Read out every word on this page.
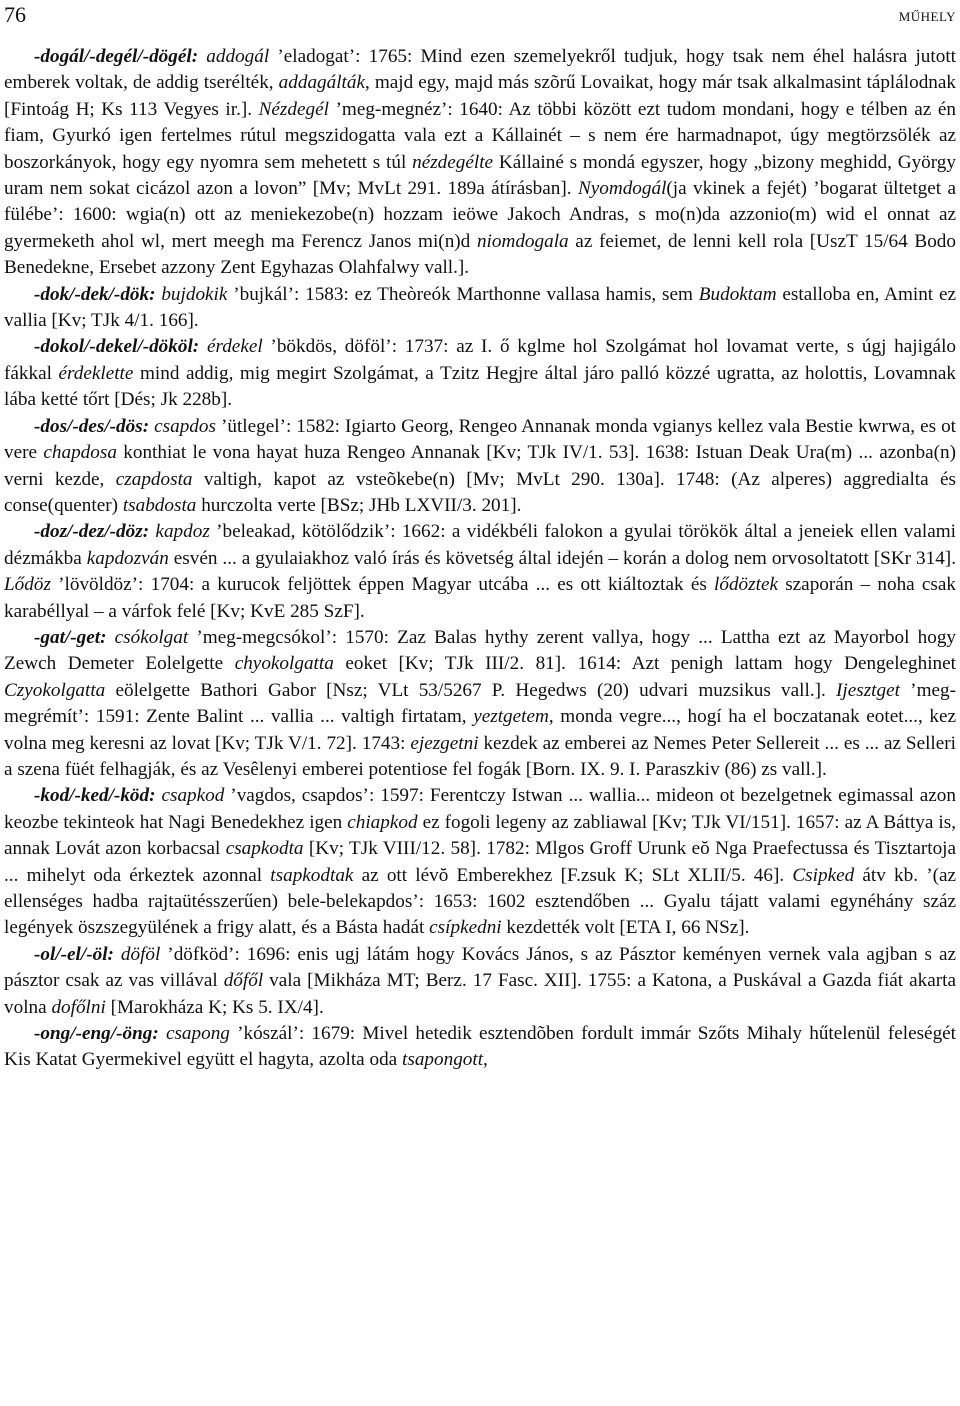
76	MŰHELY

-dogál/-degél/-dögél: addogál ’eladogat’: 1765: Mind ezen szemelyekről tudjuk, hogy tsak nem éhel halásra jutott emberek voltak, de addig tserélték, addagálták, majd egy, majd más szõrű Lovaikat, hogy már tsak alkalmasint táplálodnak [Fintoág H; Ks 113 Vegyes ir.]. Nézdegél ’meg-megnéz’: 1640: Az többi között ezt tudom mondani, hogy e télben az én fiam, Gyurkó igen fertelmes rútul megszidogatta vala ezt a Kállainét – s nem ére harmadnapot, úgy megtörzsölék az boszorkányok, hogy egy nyomra sem mehetett s túl nézdegélte Kállainé s mondá egyszer, hogy „bizony meghidd, György uram nem sokat cicázol azon a lovon” [Mv; MvLt 291. 189a átírásban]. Nyomdogál(ja vkinek a fejét) ’bogarat ültetget a fülébe’: 1600: wgia(n) ott az meniekezobe(n) hozzam ieöwe Jakoch Andras, s mo(n)da azzonio(m) wid el onnat az gyermeketh ahol wl, mert meegh ma Ferencz Janos mi(n)d niomdogala az feiemet, de lenni kell rola [UszT 15/64 Bodo Benedekne, Ersebet azzony Zent Egyhazas Olahfalwy vall.].

-dok/-dek/-dök: bujdokik ’bujkál’: 1583: ez Theòreók Marthonne vallasa hamis, sem Budoktam estalloba en, Amint ez vallia [Kv; TJk 4/1. 166].

-dokol/-dekel/-dököl: érdekel ’bökdös, döföl’: 1737: az I. ő kglme hol Szolgámat hol lovamat verte, s úgj hajigálo fákkal érdeklette mind addig, mig megirt Szolgámat, a Tzitz Hegjre által járo palló közzé ugratta, az holottis, Lovamnak lába ketté tőrt [Dés; Jk 228b].

-dos/-des/-dös: csapdos ’ütlegel’: 1582: Igiarto Georg, Rengeo Annanak monda vgianys kellez vala Bestie kwrwa, es ot vere chapdosa konthiat le vona hayat huza Rengeo Annanak [Kv; TJk IV/1. 53]. 1638: Istuan Deak Ura(m) ... azonba(n) verni kezde, czapdosta valtigh, kapot az vsteõkebe(n) [Mv; MvLt 290. 130a]. 1748: (Az alperes) aggredialta és conse(quenter) tsabdosta hurczolta verte [BSz; JHb LXVII/3. 201].

-doz/-dez/-döz: kapdoz ’beleakad, kötölődzik’: 1662: a vidékbéli falokon a gyulai törökök által a jeneiek ellen valami dézmákba kapdozván esvén ... a gyulaiakhoz való írás és követség által idején – korán a dolog nem orvosoltatott [SKr 314]. Lődöz ’lövöldöz’: 1704: a kurucok feljöttek éppen Magyar utcába ... es ott kiáltoztak és lődöztek szaporán – noha csak karabéllyal – a várfok felé [Kv; KvE 285 SzF].

-gat/-get: csókolgat ’meg-megcsókol’: 1570: Zaz Balas hythy zerent vallya, hogy ... Lattha ezt az Mayorbol hogy Zewch Demeter Eolelgette chyokolgatta eoket [Kv; TJk III/2. 81]. 1614: Azt penigh lattam hogy Dengeleghinet Czyokolgatta eölelgette Bathori Gabor [Nsz; VLt 53/5267 P. Hegedws (20) udvari muzsikus vall.]. Ijesztget ’meg-megrémít’: 1591: Zente Balint ... vallia ... valtigh firtatam, yeztgetem, monda vegre..., hogí ha el boczatanak eotet..., kez volna meg keresni az lovat [Kv; TJk V/1. 72]. 1743: ejezgetni kezdek az emberei az Nemes Peter Sellereit ... es ... az Selleri a szena füét felhagják, és az Vesêlenyi emberei potentiose fel fogák [Born. IX. 9. I. Paraszkiv (86) zs vall.].

-kod/-ked/-köd: csapkod ’vagdos, csapdos’: 1597: Ferentczy Istwan ... wallia... mideon ot bezelgetnek egimassal azon keozbe tekinteok hat Nagi Benedekhez igen chiapkod ez fogoli legeny az zabliawal [Kv; TJk VI/151]. 1657: az A Báttya is, annak Lovát azon korbacsal csapkodta [Kv; TJk VIII/12. 58]. 1782: Mlgos Groff Urunk eŏ Nga Praefectussa és Tisztartoja ... mihelyt oda érkeztek azonnal tsapkodtak az ott lévŏ Emberekhez [F.zsuk K; SLt XLII/5. 46]. Csipked átv kb. ’(az ellenséges hadba rajtaütésszerűen) bele-belekapdos’: 1653: 1602 esztendőben ... Gyalu tájatt valami egynéhány száz legények öszszegyülének a frigy alatt, és a Básta hadát csípkedni kezdették volt [ETA I, 66 NSz].

-ol/-el/-öl: döföl ’döfködʼ: 1696: enis ugj látám hogy Kovács János, s az Pásztor keményen vernek vala agjban s az pásztor csak az vas villával dőfől vala [Mikháza MT; Berz. 17 Fasc. XII]. 1755: a Katona, a Puskával a Gazda fiát akarta volna dofőlni [Marokháza K; Ks 5. IX/4].

-ong/-eng/-öng: csapong ’kószál’: 1679: Mivel hetedik esztendõben fordult immár Szőts Mihaly hűtelenül feleségét Kis Katat Gyermekivel együtt el hagyta, azolta oda tsapongott,
